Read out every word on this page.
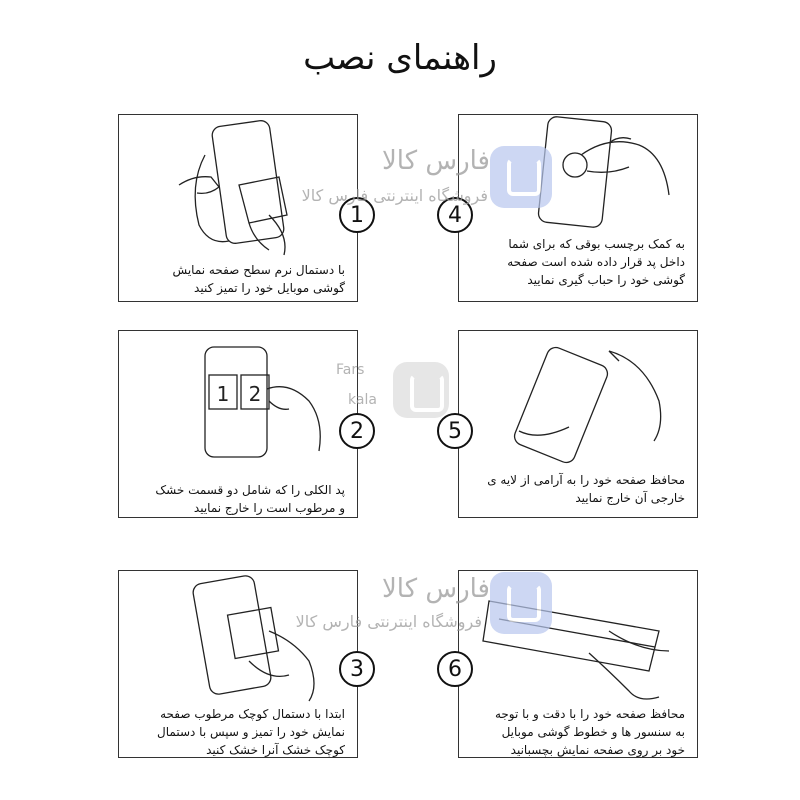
راهنمای نصب
1
با دستمال نرم سطح صفحه نمایش
گوشی موبایل خود را تمیز کنید
4
به کمک برچسب بوقی که برای شما
داخل پد قرار داده شده است صفحه
گوشی خود را حباب گیری نمایید
1 2
2
پد الکلی را که شامل دو قسمت خشک
و مرطوب است را خارج نمایید
5
محافظ صفحه خود را به آرامی از لایه ی
خارجی آن خارج نمایید
3
ابتدا با دستمال کوچک مرطوب صفحه
نمایش خود را تمیز و سپس با دستمال
کوچک خشک آنرا خشک کنید
6
محافظ صفحه خود را با دقت و با توجه
به سنسور ها و خطوط گوشی موبایل
خود بر روی صفحه نمایش بچسبانید
فارس کالا
فروشگاه اینترنتی فارس کالا
Fars
kala
فارس کالا
فروشگاه اینترنتی فارس کالا
